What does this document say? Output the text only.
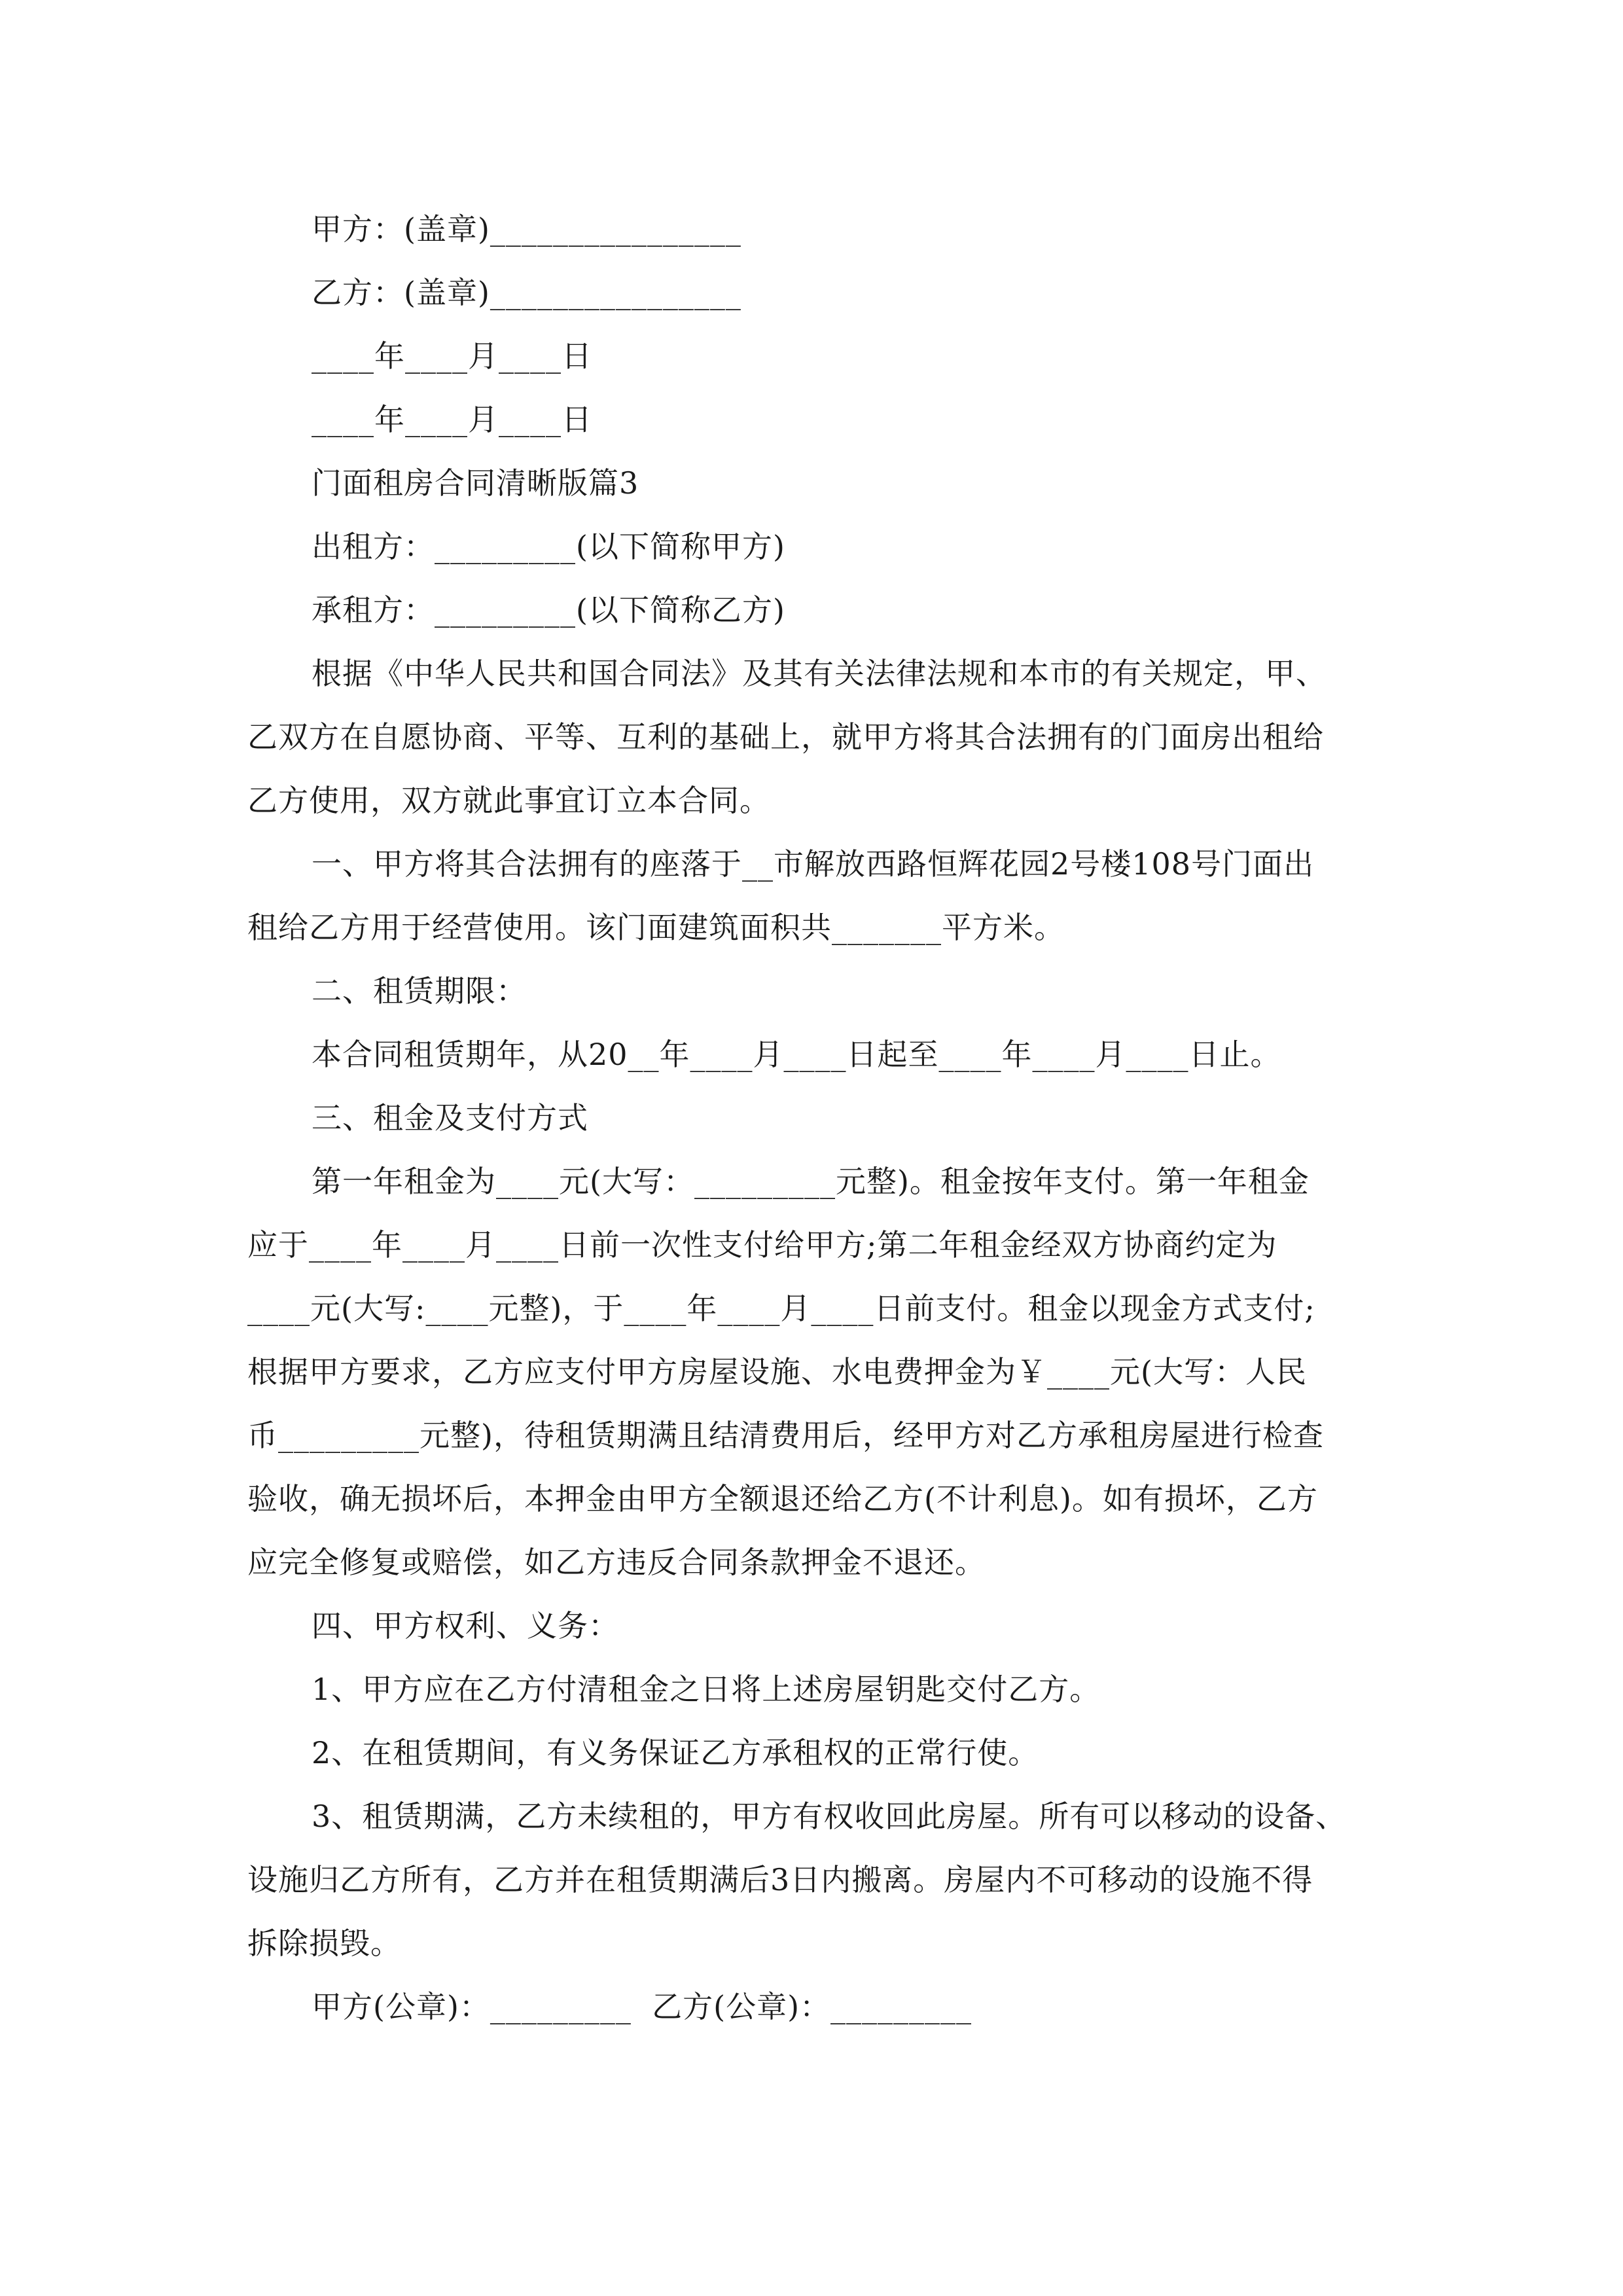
甲方：(盖章)________________
乙方：(盖章)________________
____年____月____日
____年____月____日
门面租房合同清晰版篇3
出租方：_________(以下简称甲方)
承租方：_________(以下简称乙方)
根据《中华人民共和国合同法》及其有关法律法规和本市的有关规定，甲、
乙双方在自愿协商、平等、互利的基础上，就甲方将其合法拥有的门面房出租给
乙方使用，双方就此事宜订立本合同。
一、甲方将其合法拥有的座落于__市解放西路恒辉花园2号楼108号门面出
租给乙方用于经营使用。该门面建筑面积共_______平方米。
二、租赁期限：
本合同租赁期年，从20__年____月____日起至____年____月____日止。
三、租金及支付方式
第一年租金为____元(大写：_________元整)。租金按年支付。第一年租金
应于____年____月____日前一次性支付给甲方;第二年租金经双方协商约定为
____元(大写:____元整)，于____年____月____日前支付。租金以现金方式支付;
根据甲方要求，乙方应支付甲方房屋设施、水电费押金为￥____元(大写：人民
币_________元整)，待租赁期满且结清费用后，经甲方对乙方承租房屋进行检查
验收，确无损坏后，本押金由甲方全额退还给乙方(不计利息)。如有损坏，乙方
应完全修复或赔偿，如乙方违反合同条款押金不退还。
四、甲方权利、义务：
1、甲方应在乙方付清租金之日将上述房屋钥匙交付乙方。
2、在租赁期间，有义务保证乙方承租权的正常行使。
3、租赁期满，乙方未续租的，甲方有权收回此房屋。所有可以移动的设备、
设施归乙方所有，乙方并在租赁期满后3日内搬离。房屋内不可移动的设施不得
拆除损毁。
甲方(公章)：_________  乙方(公章)：_________
